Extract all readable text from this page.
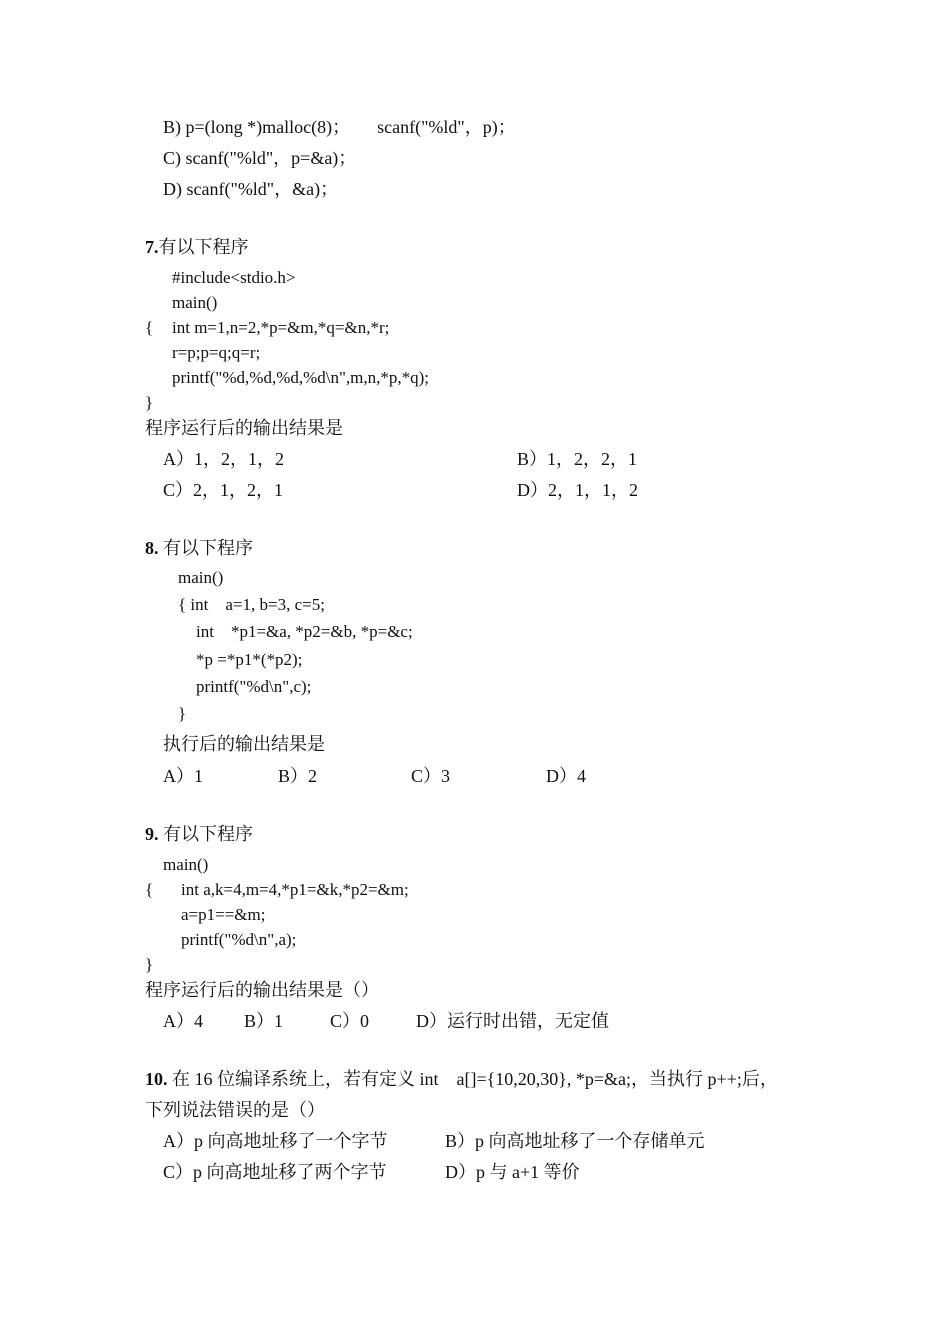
B) p=(long *)malloc(8)；      scanf("%ld"，p)；
C) scanf("%ld"，p=&a)；
D) scanf("%ld"，&a)；
7.有以下程序
#include<stdio.h>
main()
{ int m=1,n=2,*p=&m,*q=&n,*r;
r=p;p=q;q=r;
printf("%d,%d,%d,%d\n",m,n,*p,*q);
}
程序运行后的输出结果是
A）1，2，1，2	B）1，2，2，1
C）2，1，2，1	D）2，1，1，2
8. 有以下程序
main()
{ int    a=1, b=3, c=5;
int    *p1=&a, *p2=&b, *p=&c;
*p =*p1*(*p2);
printf("%d\n",c);
}
执行后的输出结果是
A）1	B）2	C）3	D）4
9. 有以下程序
main()
{ int a,k=4,m=4,*p1=&k,*p2=&m;
a=p1==&m;
printf("%d\n",a);
}
程序运行后的输出结果是（）
A）4 B）1	C）0	D）运行时出错，无定值
10. 在 16 位编译系统上，若有定义 int    a[]={10,20,30}, *p=&a;，当执行 p++;后，
下列说法错误的是（）
A）p 向高地址移了一个字节	B）p 向高地址移了一个存储单元
C）p 向高地址移了两个字节	D）p 与 a+1 等价
